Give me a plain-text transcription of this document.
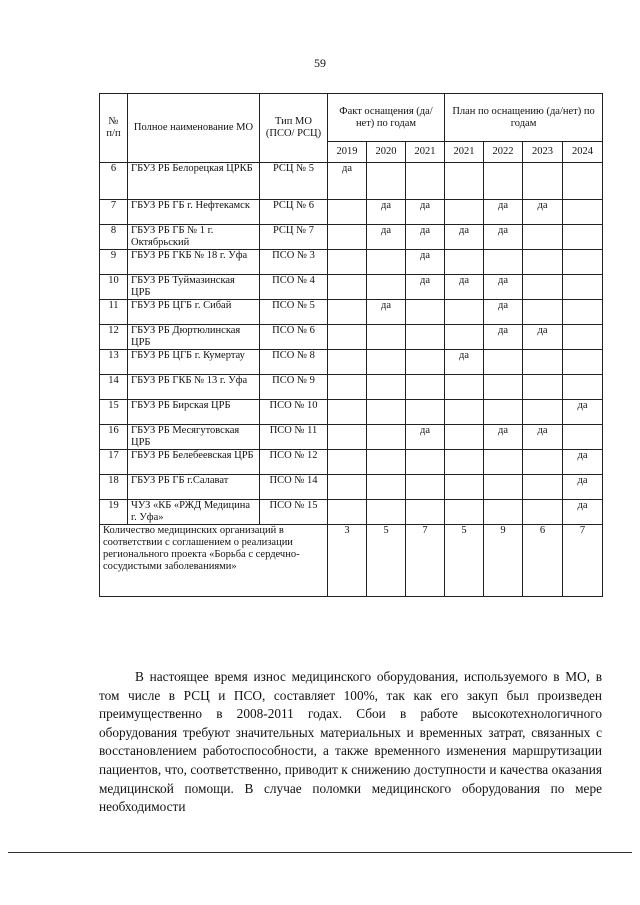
59
№ п/п	Полное наименование МО	Тип МО (ПСО/ РСЦ)	Факт оснащения (да/нет) по годам			План по оснащению (да/нет) по годам			
			2019	2020	2021	2021	2022	2023	2024
6	ГБУЗ РБ Белорецкая ЦРКБ	РСЦ № 5	да						
7	ГБУЗ РБ ГБ г. Нефтекамск	РСЦ № 6		да	да		да	да	
8	ГБУЗ РБ ГБ № 1 г. Октябрьский	РСЦ № 7		да	да	да	да		
9	ГБУЗ РБ ГКБ № 18 г. Уфа	ПСО № 3			да				
10	ГБУЗ РБ Туймазинская ЦРБ	ПСО № 4			да	да	да		
11	ГБУЗ РБ ЦГБ г. Сибай	ПСО № 5		да			да		
12	ГБУЗ РБ Дюртюлинская ЦРБ	ПСО № 6					да	да	
13	ГБУЗ РБ ЦГБ г. Кумертау	ПСО № 8				да			
14	ГБУЗ РБ ГКБ № 13 г. Уфа	ПСО № 9							
15	ГБУЗ РБ Бирская ЦРБ	ПСО № 10							да
16	ГБУЗ РБ Месягутовская ЦРБ	ПСО № 11			да		да	да	
17	ГБУЗ РБ Белебеевская ЦРБ	ПСО № 12							да
18	ГБУЗ РБ ГБ г.Салават	ПСО № 14							да
19	ЧУЗ «КБ «РЖД Медицина г. Уфа»	ПСО № 15							да
Количество медицинских организаций в соответствии с соглашением о реализации регионального проекта «Борьба с сердечно-сосудистыми заболеваниями»			3	5	7	5	9	6	7

В настоящее время износ медицинского оборудования, используемого в МО, в том числе в РСЦ и ПСО, составляет 100%, так как его закуп был произведен преимущественно в 2008-2011 годах. Сбои в работе высокотехнологичного оборудования требуют значительных материальных и временных затрат, связанных с восстановлением работоспособности, а также временного изменения маршрутизации пациентов, что, соответственно, приводит к снижению доступности и качества оказания медицинской помощи. В случае поломки медицинского оборудования по мере необходимости
